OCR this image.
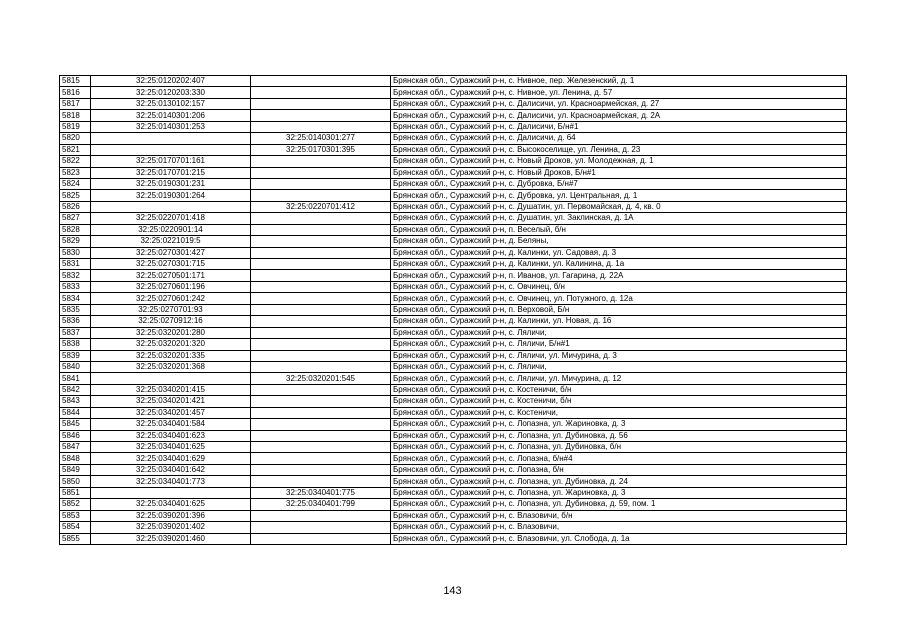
5815	32:25:0120202:407		Брянская обл., Суражский р-н, с. Нивное, пер. Железенский, д. 1
5816	32:25:0120203:330		Брянская обл., Суражский р-н, с. Нивное, ул. Ленина, д. 57
5817	32:25:0130102:157		Брянская обл., Суражский р-н, с. Далисичи, ул. Красноармейская, д. 27
5818	32:25:0140301:206		Брянская обл., Суражский р-н, с. Далисичи, ул. Красноармейская, д. 2А
5819	32:25:0140301:253		Брянская обл., Суражский р-н, с. Далисичи, Б/н#1
5820		32:25:0140301:277	Брянская обл., Суражский р-н, с. Далисичи, д. 64
5821		32:25:0170301:395	Брянская обл., Суражский р-н, с. Высокоселище, ул. Ленина, д. 23
5822	32:25:0170701:161		Брянская обл., Суражский р-н, с. Новый Дроков, ул. Молодежная, д. 1
5823	32:25:0170701:215		Брянская обл., Суражский р-н, с. Новый Дроков, Б/н#1
5824	32:25:0190301:231		Брянская обл., Суражский р-н, с. Дубровка, Б/н#7
5825	32:25:0190301:264		Брянская обл., Суражский р-н, с. Дубровка, ул. Центральная, д. 1
5826		32:25:0220701:412	Брянская обл., Суражский р-н, с. Душатин, ул. Первомайская, д. 4, кв. 0
5827	32:25:0220701:418		Брянская обл., Суражский р-н, с. Душатин, ул. Заклинская, д. 1А
5828	32:25:0220901:14		Брянская обл., Суражский р-н, п. Веселый, б/н
5829	32:25:0221019:5		Брянская обл., Суражский р-н, д. Беляны,
5830	32:25:0270301:427		Брянская обл., Суражский р-н, д. Калинки, ул. Садовая, д. 3
5831	32:25:0270301:715		Брянская обл., Суражский р-н, д. Калинки, ул. Калинина, д. 1а
5832	32:25:0270501:171		Брянская обл., Суражский р-н, п. Иванов, ул. Гагарина, д. 22А
5833	32:25:0270601:196		Брянская обл., Суражский р-н, с. Овчинец, б/н
5834	32:25:0270601:242		Брянская обл., Суражский р-н, с. Овчинец, ул. Потужного, д. 12а
5835	32:25:0270701:93		Брянская обл., Суражский р-н, п. Верховой, Б/н
5836	32:25:0270912:16		Брянская обл., Суражский р-н, д. Калинки, ул. Новая, д. 16
5837	32:25:0320201:280		Брянская обл., Суражский р-н, с. Ляличи,
5838	32:25:0320201:320		Брянская обл., Суражский р-н, с. Ляличи, Б/н#1
5839	32:25:0320201:335		Брянская обл., Суражский р-н, с. Ляличи, ул. Мичурина, д. 3
5840	32:25:0320201:368		Брянская обл., Суражский р-н, с. Ляличи,
5841		32:25:0320201:545	Брянская обл., Суражский р-н, с. Ляличи, ул. Мичурина, д. 12
5842	32:25:0340201:415		Брянская обл., Суражский р-н, с. Костеничи, б/н
5843	32:25:0340201:421		Брянская обл., Суражский р-н, с. Костеничи, б/н
5844	32:25:0340201:457		Брянская обл., Суражский р-н, с. Костеничи,
5845	32:25:0340401:584		Брянская обл., Суражский р-н, с. Лопазна, ул. Жариновка, д. 3
5846	32:25:0340401:623		Брянская обл., Суражский р-н, с. Лопазна, ул. Дубиновка, д. 56
5847	32:25:0340401:625		Брянская обл., Суражский р-н, с. Лопазна, ул. Дубиновка, б/н
5848	32:25:0340401:629		Брянская обл., Суражский р-н, с. Лопазна, б/н#4
5849	32:25:0340401:642		Брянская обл., Суражский р-н, с. Лопазна, б/н
5850	32:25:0340401:773		Брянская обл., Суражский р-н, с. Лопазна, ул. Дубиновка, д. 24
5851		32:25:0340401:775	Брянская обл., Суражский р-н, с. Лопазна, ул. Жариновка, д. 3
5852	32:25:0340401:625	32:25:0340401:799	Брянская обл., Суражский р-н, с. Лопазна, ул. Дубиновка, д. 59, пом. 1
5853	32:25:0390201:396		Брянская обл., Суражский р-н, с. Влазовичи, б/н
5854	32:25:0390201:402		Брянская обл., Суражский р-н, с. Влазовичи,
5855	32:25:0390201:460		Брянская обл., Суражский р-н, с. Влазовичи, ул. Слобода, д. 1а
143
